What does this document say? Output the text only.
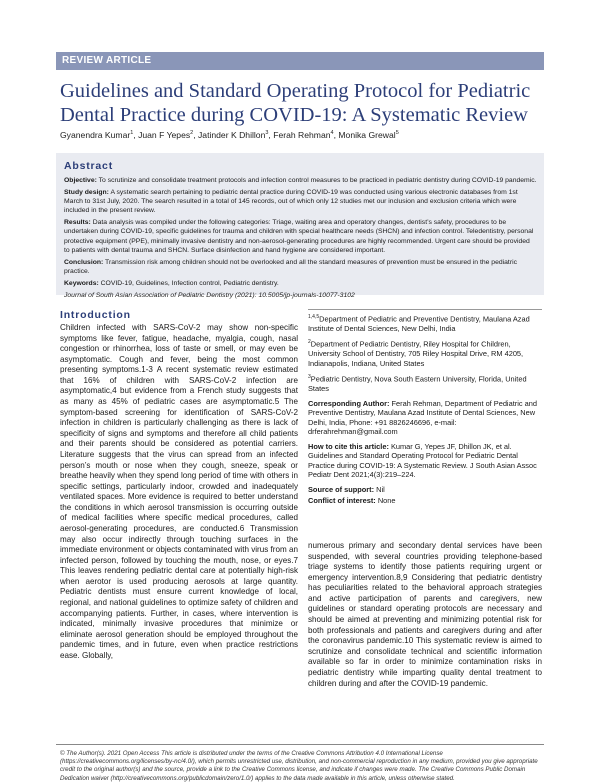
REVIEW ARTICLE
Guidelines and Standard Operating Protocol for Pediatric Dental Practice during COVID-19: A Systematic Review
Gyanendra Kumar$^1$, Juan F Yepes$^2$, Jatinder K Dhillon$^3$, Ferah Rehman$^4$, Monika Grewal$^5$
Abstract

Objective: To scrutinize and consolidate treatment protocols and infection control measures to be practiced in pediatric dentistry during COVID-19 pandemic.

Study design: A systematic search pertaining to pediatric dental practice during COVID-19 was conducted using various electronic databases from 1st March to 31st July, 2020. The search resulted in a total of 145 records, out of which only 12 studies met our inclusion and exclusion criteria which were included in the present review.

Results: Data analysis was compiled under the following categories: Triage, waiting area and operatory changes, dentist’s safety, procedures to be undertaken during COVID-19, specific guidelines for trauma and children with special healthcare needs (SHCN) and infection control. Teledentistry, personal protective equipment (PPE), minimally invasive dentistry and non-aerosol-generating procedures are highly recommended. Urgent care should be provided to patients with dental trauma and SHCN. Surface disinfection and hand hygiene are considered important.

Conclusion: Transmission risk among children should not be overlooked and all the standard measures of prevention must be ensured in the pediatric practice.

Keywords: COVID-19, Guidelines, Infection control, Pediatric dentistry.

Journal of South Asian Association of Pediatric Dentistry (2021): 10.5005/jp-journals-10077-3102

Introduction
Children infected with SARS-CoV-2 may show non-specific symptoms like fever, fatigue, headache, myalgia, cough, nasal congestion or rhinorrhea, loss of taste or smell, or may even be asymptomatic. Cough and fever, being the most common presenting symptoms.1-3 A recent systematic review estimated that 16% of children with SARS-CoV-2 infection are asymptomatic,4 but evidence from a French study suggests that as many as 45% of pediatric cases are asymptomatic.5 The symptom-based screening for identification of SARS-CoV-2 infection in children is particularly challenging as there is lack of specificity of signs and symptoms and therefore all child patients and their parents should be considered as potential carriers. Literature suggests that the virus can spread from an infected person’s mouth or nose when they cough, sneeze, speak or breathe heavily when they spend long period of time with others in specific settings, particularly indoor, crowded and inadequately ventilated spaces. More evidence is required to better understand the conditions in which aerosol transmission is occurring outside of medical facilities where specific medical procedures, called aerosol-generating procedures, are conducted.6 Transmission may also occur indirectly through touching surfaces in the immediate environment or objects contaminated with virus from an infected person, followed by touching the mouth, nose, or eyes.7 This leaves rendering pediatric dental care at potentially high-risk when aerotor is used producing aerosols at large quantity. Pediatric dentists must ensure current knowledge of local, regional, and national guidelines to optimize safety of children and accompanying patients. Further, in cases, where intervention is indicated, minimally invasive procedures that minimize or eliminate aerosol generation should be employed throughout the pandemic times, and in future, even when practice restrictions ease. Globally,

$^{1,4,5}$Department of Pediatric and Preventive Dentistry, Maulana Azad Institute of Dental Sciences, New Delhi, India

$^2$Department of Pediatric Dentistry, Riley Hospital for Children, University School of Dentistry, 705 Riley Hospital Drive, RM 4205, Indianapolis, Indiana, United States

$^3$Pediatric Dentistry, Nova South Eastern University, Florida, United States

Corresponding Author: Ferah Rehman, Department of Pediatric and Preventive Dentistry, Maulana Azad Institute of Dental Sciences, New Delhi, India, Phone: +91 8826246696, e-mail: drferahrehman@gmail.com

How to cite this article: Kumar G, Yepes JF, Dhillon JK, et al. Guidelines and Standard Operating Protocol for Pediatric Dental Practice during COVID-19: A Systematic Review. J South Asian Assoc Pediatr Dent 2021;4(3):219–224.

Source of support: Nil

Conflict of interest: None

numerous primary and secondary dental services have been suspended, with several countries providing telephone-based triage systems to identify those patients requiring urgent or emergency intervention.8,9 Considering that pediatric dentistry has peculiarities related to the behavioral approach strategies and active participation of parents and caregivers, new guidelines or standard operating protocols are necessary and should be aimed at preventing and minimizing potential risk for both professionals and patients and caregivers during and after the coronavirus pandemic.10 This systematic review is aimed to scrutinize and consolidate technical and scientific information available so far in order to minimize contamination risks in pediatric dentistry while imparting quality dental treatment to children during and after the COVID-19 pandemic.
© The Author(s). 2021 Open Access This article is distributed under the terms of the Creative Commons Attribution 4.0 International License (https://creativecommons.org/licenses/by-nc/4.0/), which permits unrestricted use, distribution, and non-commercial reproduction in any medium, provided you give appropriate credit to the original author(s) and the source, provide a link to the Creative Commons license, and indicate if changes were made. The Creative Commons Public Domain Dedication waiver (http://creativecommons.org/publicdomain/zero/1.0/) applies to the data made available in this article, unless otherwise stated.
